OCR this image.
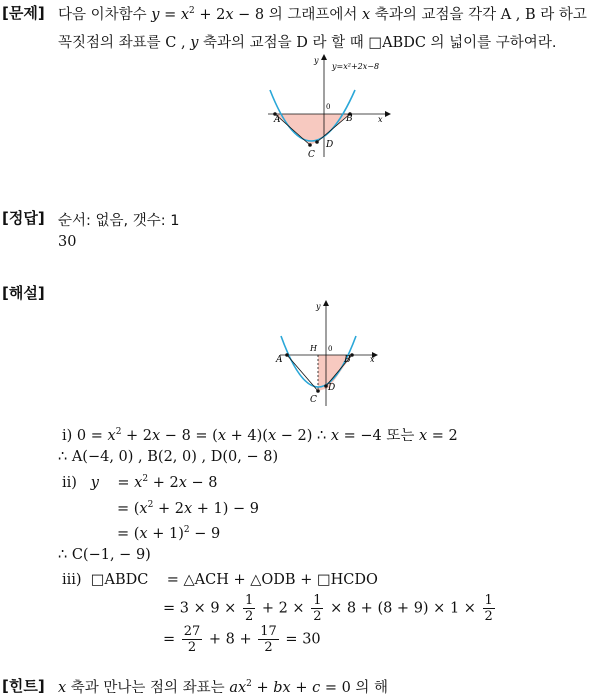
[문제] 다음 이차함수 $y = x^2 + 2x - 8$ 의 그래프에서 x 축과의 교점을 각각 A , B 라 하고
꼭짓점의 좌표를 C , y 축과의 교점을 D 라 할 때 □ABDC 의 넓이를 구하여라.
y=x²+2x−8
y
x
0
A	B
C
D
[정답] 순서: 없음, 갯수: 1
30
[해설]
y
x
0
A	B
C
D
H
ⅰ) $0 = x^2 + 2x - 8 = (x + 4)(x - 2)$ ∴ x = −4 또는 x = 2
∴ A(−4, 0) , B(2, 0) , D(0, − 8)
ⅱ)   y    = $x^2 + 2x - 8$
= $(x^2 + 2x + 1) - 9$
= $(x + 1)^2 - 9$
∴ C(−1, − 9)
ⅲ)  □ABDC    = △ACH + △ODB + □HCDO
= $3 \times 9 \times \frac{1}{2} + 2 \times \frac{1}{2} \times 8 + (8 + 9) \times 1 \times \frac{1}{2}$
= $\frac{27}{2} + 8 + \frac{17}{2} = 30$
[힌트] x 축과 만나는 점의 좌표는 $ax^2$ + bx + c = 0 의 해
